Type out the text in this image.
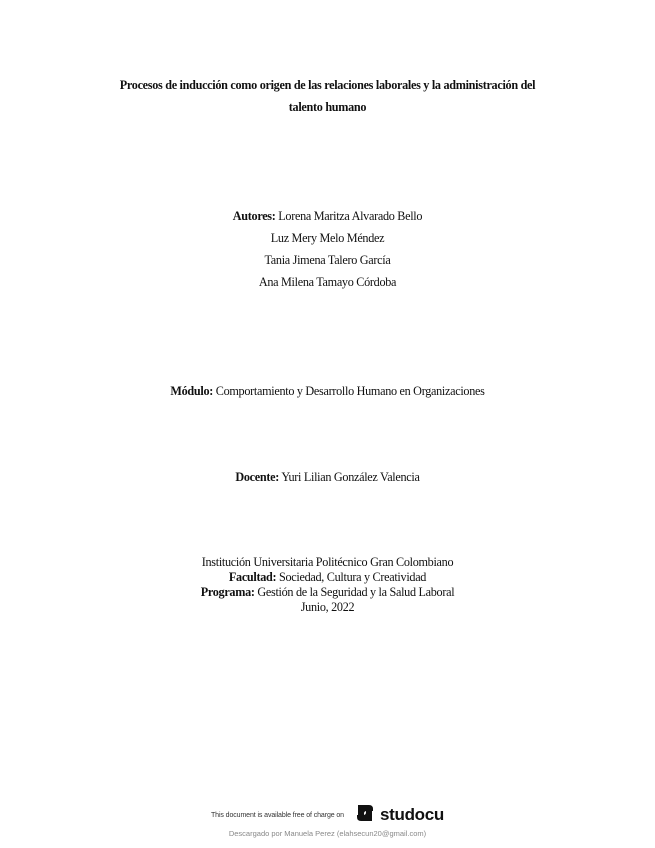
Procesos de inducción como origen de las relaciones laborales y la administración del
talento humano
Autores: Lorena Maritza Alvarado Bello
Luz Mery Melo Méndez
Tania Jimena Talero García
Ana Milena Tamayo Córdoba
Módulo: Comportamiento y Desarrollo Humano en Organizaciones
Docente: Yuri Lilian González Valencia
Institución Universitaria Politécnico Gran Colombiano
Facultad: Sociedad, Cultura y Creatividad
Programa: Gestión de la Seguridad y la Salud Laboral
Junio, 2022
This document is available free of charge on studocu
Descargado por Manuela Perez (elahsecun20@gmail.com)
